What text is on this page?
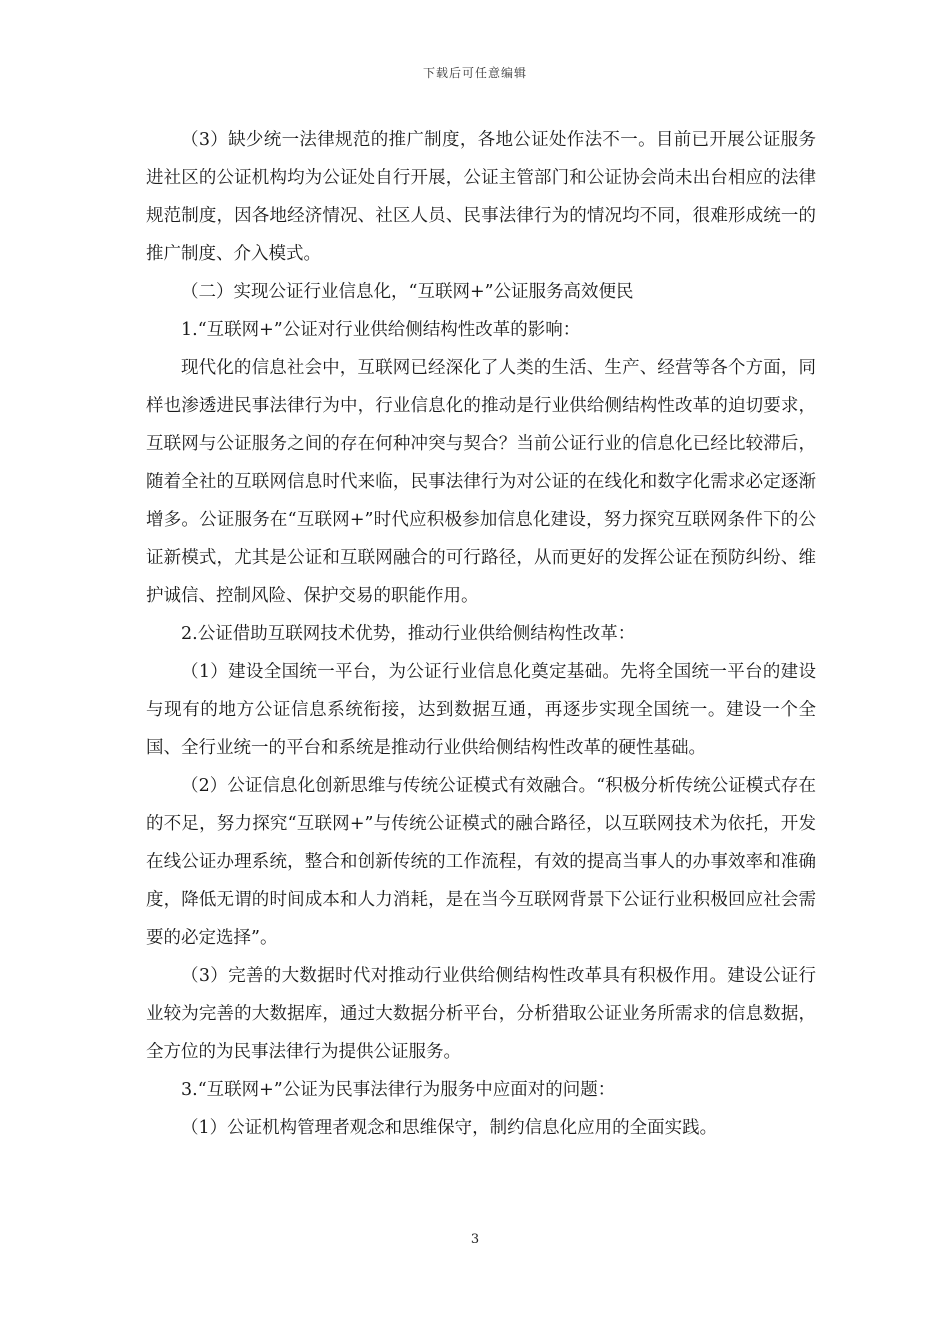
下载后可任意编辑

（3）缺少统一法律规范的推广制度，各地公证处作法不一。目前已开展公证服务进社区的公证机构均为公证处自行开展，公证主管部门和公证协会尚未出台相应的法律规范制度，因各地经济情况、社区人员、民事法律行为的情况均不同，很难形成统一的推广制度、介入模式。

（二）实现公证行业信息化，“互联网+”公证服务高效便民

1.“互联网+”公证对行业供给侧结构性改革的影响：

现代化的信息社会中，互联网已经深化了人类的生活、生产、经营等各个方面，同样也渗透进民事法律行为中，行业信息化的推动是行业供给侧结构性改革的迫切要求，互联网与公证服务之间的存在何种冲突与契合？当前公证行业的信息化已经比较滞后，随着全社的互联网信息时代来临，民事法律行为对公证的在线化和数字化需求必定逐渐增多。公证服务在“互联网+”时代应积极参加信息化建设，努力探究互联网条件下的公证新模式，尤其是公证和互联网融合的可行路径，从而更好的发挥公证在预防纠纷、维护诚信、控制风险、保护交易的职能作用。

2.公证借助互联网技术优势，推动行业供给侧结构性改革：

（1）建设全国统一平台，为公证行业信息化奠定基础。先将全国统一平台的建设与现有的地方公证信息系统衔接，达到数据互通，再逐步实现全国统一。建设一个全国、全行业统一的平台和系统是推动行业供给侧结构性改革的硬性基础。

（2）公证信息化创新思维与传统公证模式有效融合。“积极分析传统公证模式存在的不足，努力探究“互联网+”与传统公证模式的融合路径，以互联网技术为依托，开发在线公证办理系统，整合和创新传统的工作流程，有效的提高当事人的办事效率和准确度，降低无谓的时间成本和人力消耗，是在当今互联网背景下公证行业积极回应社会需要的必定选择”。

（3）完善的大数据时代对推动行业供给侧结构性改革具有积极作用。建设公证行业较为完善的大数据库，通过大数据分析平台，分析猎取公证业务所需求的信息数据，全方位的为民事法律行为提供公证服务。

3.“互联网+”公证为民事法律行为服务中应面对的问题：

（1）公证机构管理者观念和思维保守，制约信息化应用的全面实践。

3
